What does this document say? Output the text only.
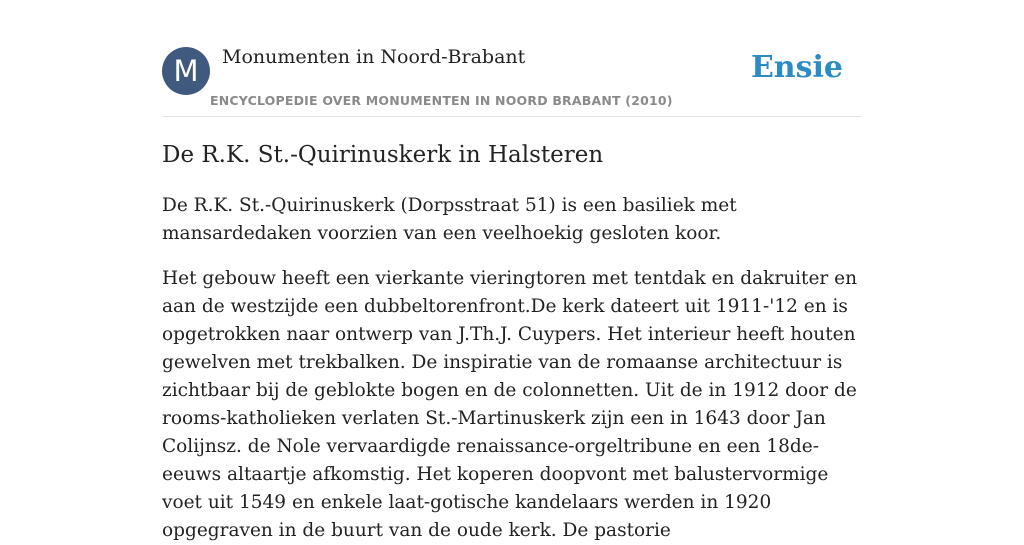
M	Monumenten in Noord-Brabant
ENCYCLOPEDIE OVER MONUMENTEN IN NOORD BRABANT (2010)
Ensie
De R.K. St.-Quirinuskerk in Halsteren

De R.K. St.-Quirinuskerk (Dorpsstraat 51) is een basiliek met mansardedaken voorzien van een veelhoekig gesloten koor.

Het gebouw heeft een vierkante vieringtoren met tentdak en dakruiter en aan de westzijde een dubbeltorenfront.De kerk dateert uit 1911-'12 en is opgetrokken naar ontwerp van J.Th.J. Cuypers. Het interieur heeft houten gewelven met trekbalken. De inspiratie van de romaanse architectuur is zichtbaar bij de geblokte bogen en de colonnetten. Uit de in 1912 door de rooms-katholieken verlaten St.-Martinuskerk zijn een in 1643 door Jan Colijnsz. de Nole vervaardigde renaissance-orgeltribune en een 18de-eeuws altaartje afkomstig. Het koperen doopvont met balustervormige voet uit 1549 en enkele laat-gotische kandelaars werden in 1920 opgegraven in de buurt van de oude kerk. De pastorie
